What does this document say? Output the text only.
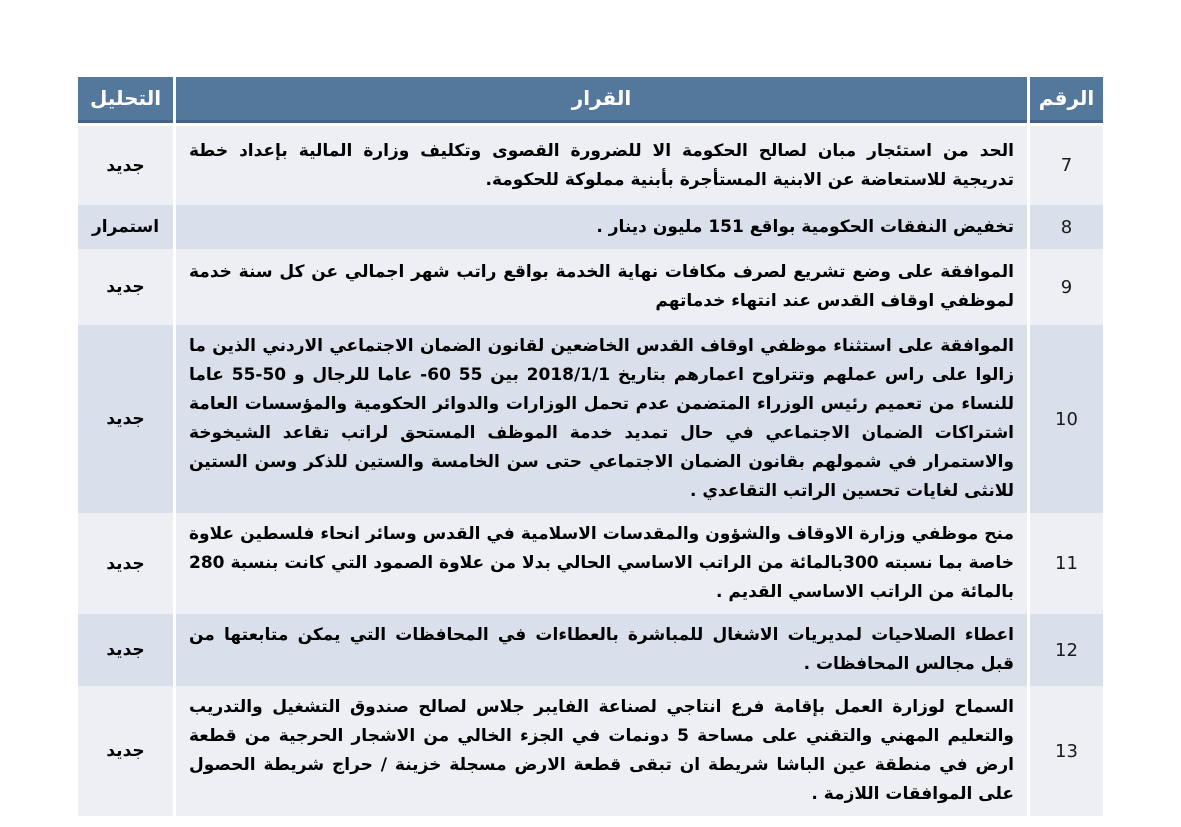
الرقم
القرار
التحليل
7
الحد من استئجار مبان لصالح الحكومة الا للضرورة القصوى وتكليف وزارة المالية بإعداد خطة تدريجية للاستعاضة عن الابنية المستأجرة بأبنية مملوكة للحكومة.
جديد
8
تخفيض النفقات الحكومية بواقع 151 مليون دينار .
استمرار
9
الموافقة على وضع تشريع لصرف مكافات نهاية الخدمة بواقع راتب شهر اجمالي عن كل سنة خدمة لموظفي اوقاف القدس عند انتهاء خدماتهم
جديد
10
الموافقة على استثناء موظفي اوقاف القدس الخاضعين لقانون الضمان الاجتماعي الاردني الذين ما زالوا على راس عملهم وتتراوح اعمارهم بتاريخ 2018/1/1 بين 55 60- عاما للرجال و 50-55 عاما للنساء من تعميم رئيس الوزراء المتضمن عدم تحمل الوزارات والدوائر الحكومية والمؤسسات العامة اشتراكات الضمان الاجتماعي في حال تمديد خدمة الموظف المستحق لراتب تقاعد الشيخوخة والاستمرار في شمولهم بقانون الضمان الاجتماعي حتى سن الخامسة والستين للذكر وسن الستين للانثى لغايات تحسين الراتب التقاعدي .
جديد
11
منح موظفي وزارة الاوقاف والشؤون والمقدسات الاسلامية في القدس وسائر انحاء فلسطين علاوة خاصة بما نسبته 300بالمائة من الراتب الاساسي الحالي بدلا من علاوة الصمود التي كانت بنسبة 280 بالمائة من الراتب الاساسي القديم .
جديد
12
اعطاء الصلاحيات لمديريات الاشغال للمباشرة بالعطاءات في المحافظات التي يمكن متابعتها من قبل مجالس المحافظات .
جديد
13
السماح لوزارة العمل بإقامة فرع انتاجي لصناعة الفايبر جلاس لصالح صندوق التشغيل والتدريب والتعليم المهني والتقني على مساحة 5 دونمات في الجزء الخالي من الاشجار الحرجية من قطعة ارض في منطقة عين الباشا شريطة ان تبقى قطعة الارض مسجلة خزينة / حراج شريطة الحصول على الموافقات اللازمة .
جديد
